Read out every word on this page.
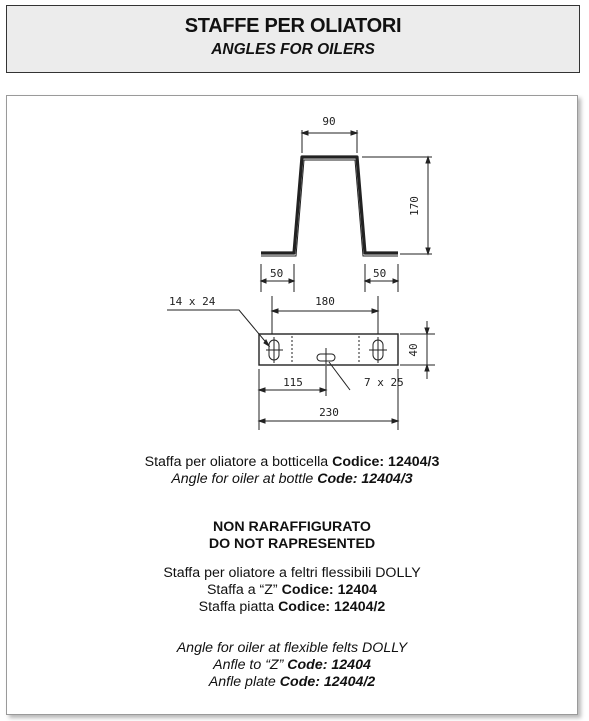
STAFFE PER OLIATORI
ANGLES FOR OILERS
90
170
50	50
180
14 x 24
40
115	7 x 25
230
Staffa per oliatore a botticella Codice: 12404/3
Angle for oiler at bottle Code: 12404/3
NON RARAFFIGURATO
DO NOT RAPRESENTED
Staffa per oliatore a feltri flessibili DOLLY
Staffa a “Z” Codice: 12404
Staffa piatta Codice: 12404/2
Angle for oiler at flexible felts DOLLY
Anfle to “Z” Code: 12404
Anfle plate Code: 12404/2
